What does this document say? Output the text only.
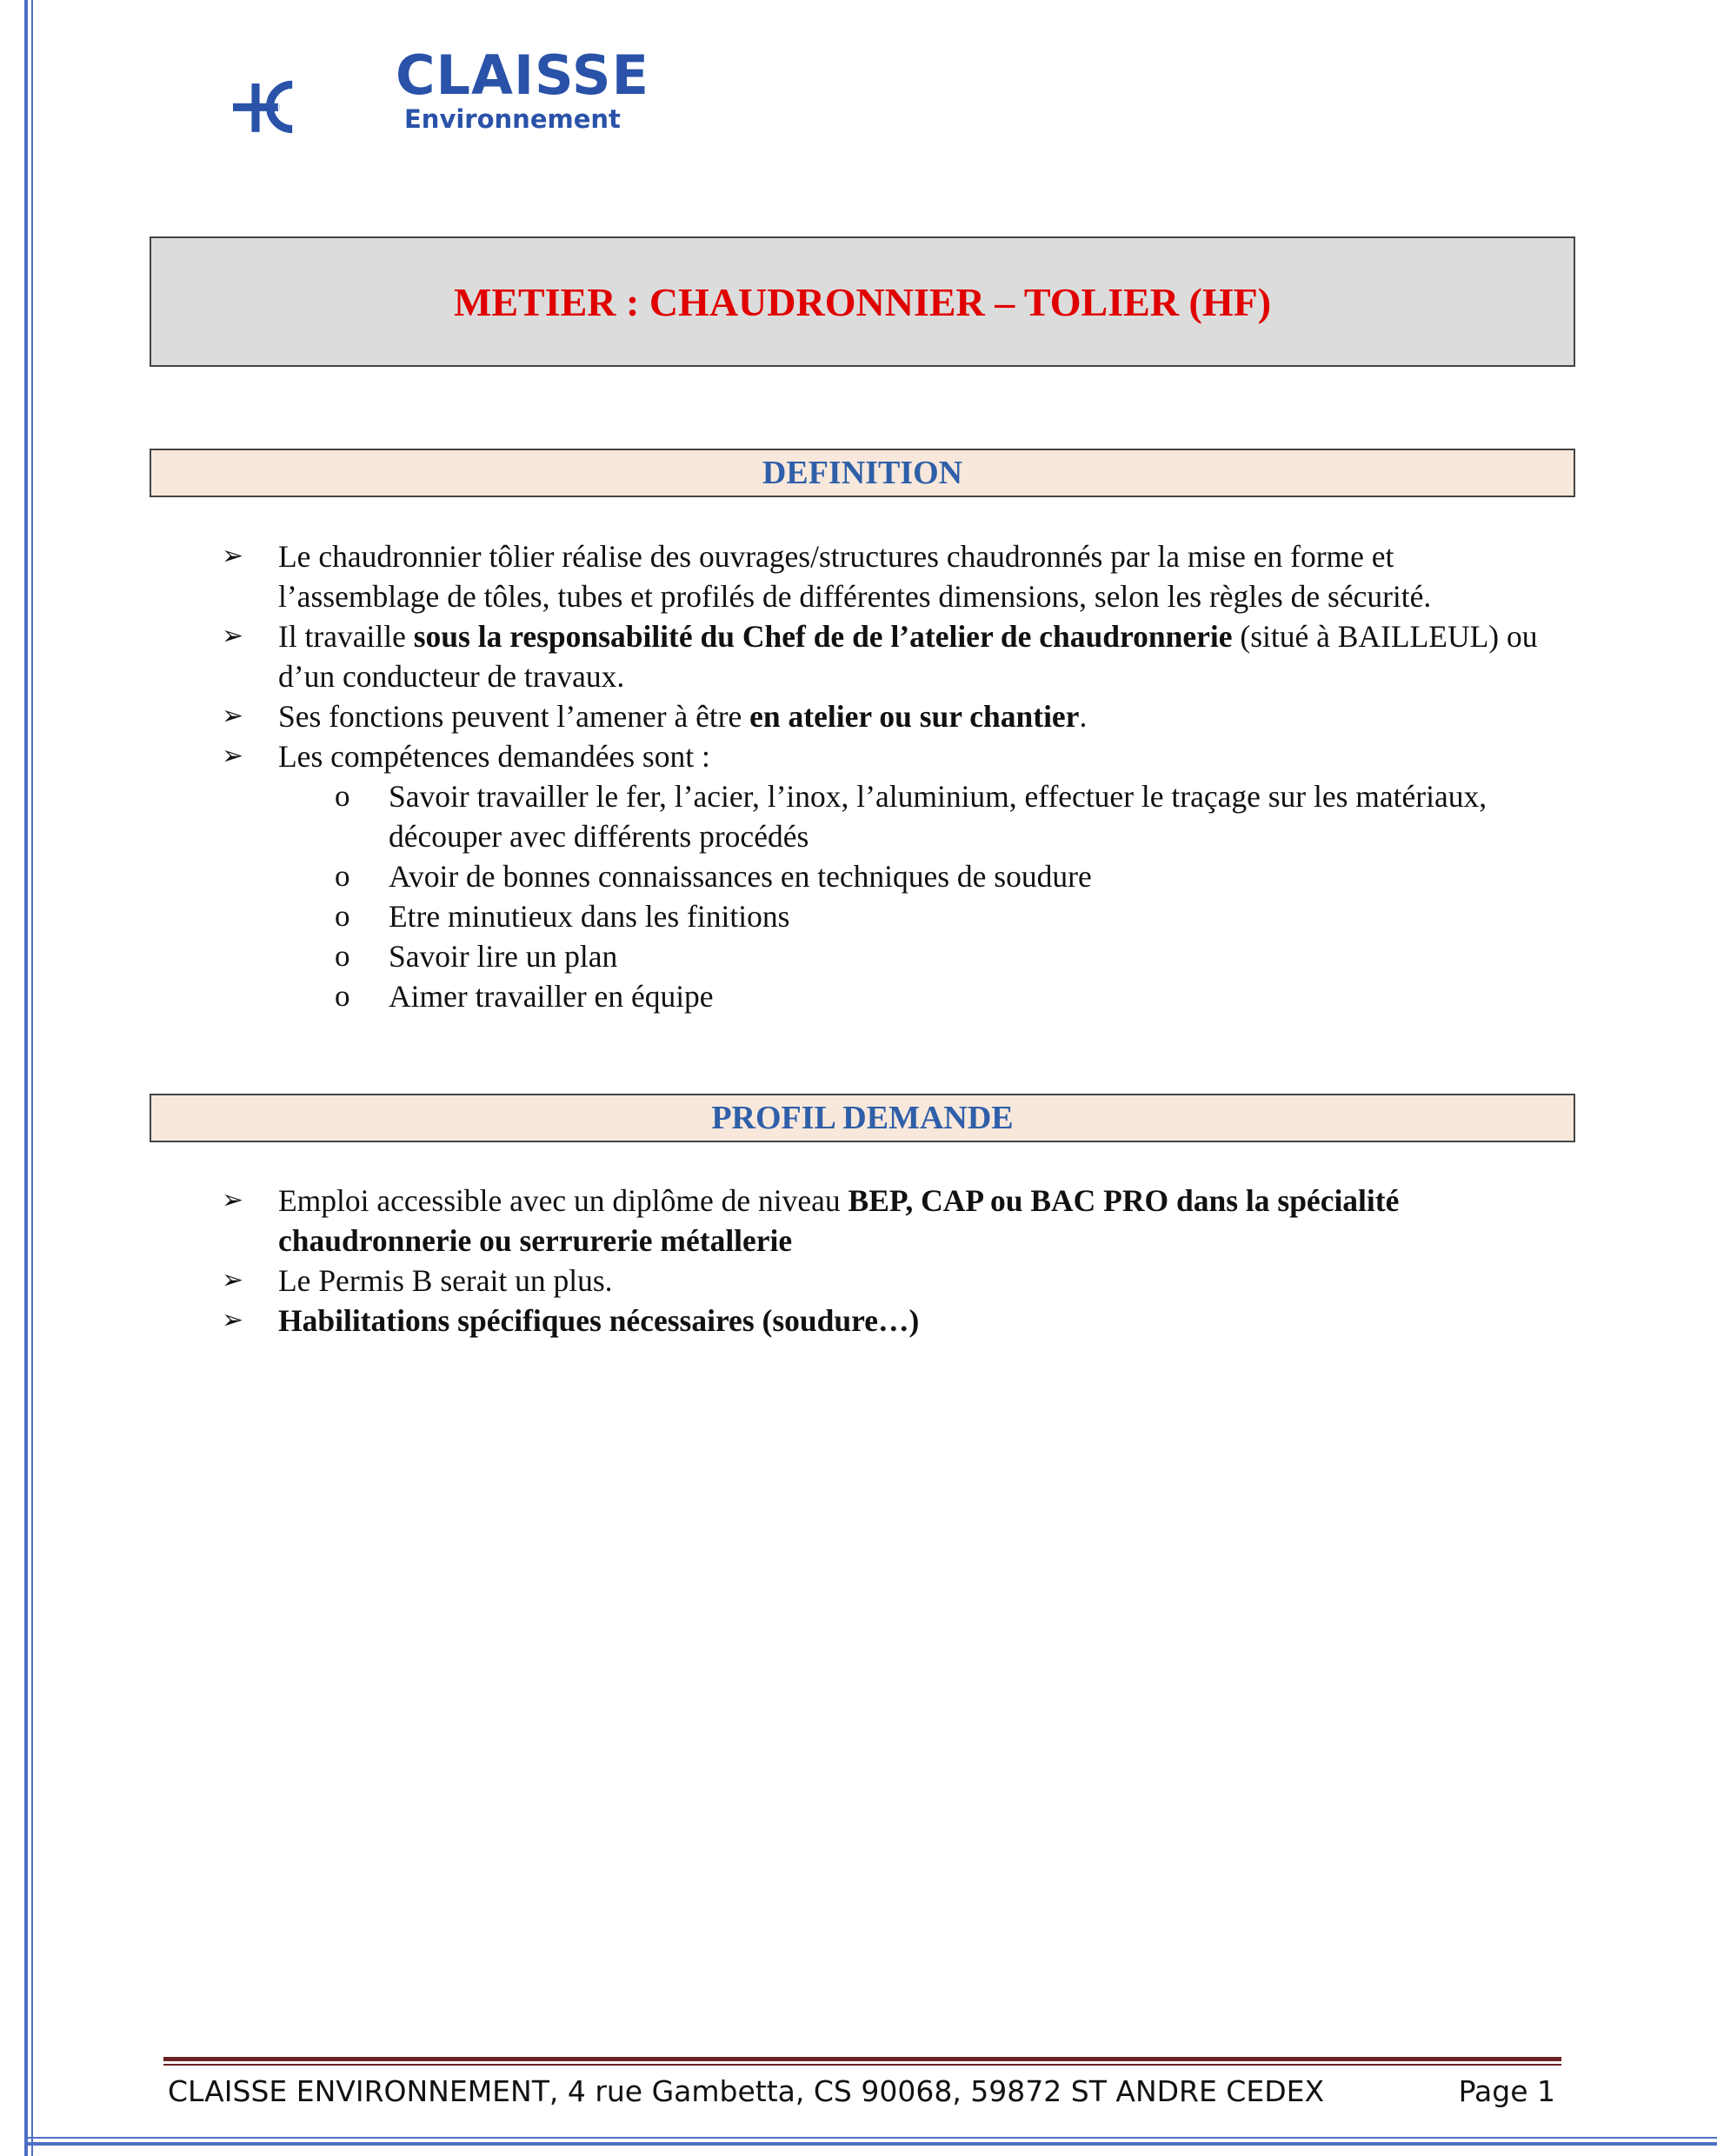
CLAISSE
Environnement
METIER : CHAUDRONNIER – TOLIER (HF)
DEFINITION
➢	Le chaudronnier tôlier réalise des ouvrages/structures chaudronnés par la mise en forme et l’assemblage de tôles, tubes et profilés de différentes dimensions, selon les règles de sécurité.
➢	Il travaille sous la responsabilité du Chef de de l’atelier de chaudronnerie (situé à BAILLEUL) ou d’un conducteur de travaux.
➢	Ses fonctions peuvent l’amener à être en atelier ou sur chantier.
➢	Les compétences demandées sont :
o Savoir travailler le fer, l’acier, l’inox, l’aluminium, effectuer le traçage sur les matériaux, découper avec différents procédés
o Avoir de bonnes connaissances en techniques de soudure
o Etre minutieux dans les finitions
o Savoir lire un plan
o Aimer travailler en équipe
PROFIL DEMANDE
➢	Emploi accessible avec un diplôme de niveau BEP, CAP ou BAC PRO dans la spécialité chaudronnerie ou serrurerie métallerie
➢	Le Permis B serait un plus.
➢	Habilitations spécifiques nécessaires (soudure…)
CLAISSE ENVIRONNEMENT, 4 rue Gambetta, CS 90068, 59872 ST ANDRE CEDEX	Page 1
